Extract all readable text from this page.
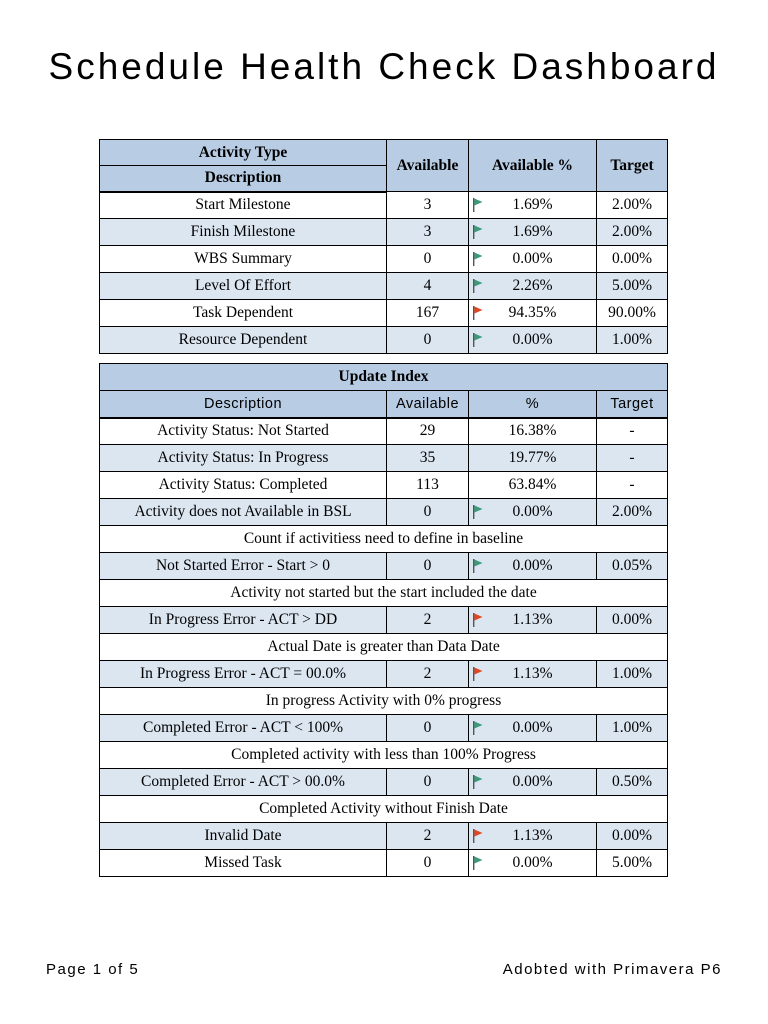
Schedule Health Check Dashboard
Activity Type	Available	Available %	Target
Description			
Start Milestone	3	1.69%	2.00%
Finish Milestone	3	1.69%	2.00%
WBS Summary	0	0.00%	0.00%
Level Of Effort	4	2.26%	5.00%
Task Dependent	167	94.35%	90.00%
Resource Dependent	0	0.00%	1.00%
Update Index			
Description	Available	%	Target
Activity Status: Not Started	29	16.38%	-
Activity Status: In Progress	35	19.77%	-
Activity Status: Completed	113	63.84%	-
Activity does not Available in BSL	0	0.00%	2.00%
Count if activitiess need to define in baseline			
Not Started Error - Start > 0	0	0.00%	0.05%
Activity not started but the start included the date			
In Progress Error - ACT > DD	2	1.13%	0.00%
Actual Date is greater than Data Date			
In Progress Error - ACT = 00.0%	2	1.13%	1.00%
In progress Activity with 0% progress			
Completed Error - ACT < 100%	0	0.00%	1.00%
Completed activity with less than 100% Progress			
Completed Error - ACT > 00.0%	0	0.00%	0.50%
Completed Activity without Finish Date			
Invalid Date	2	1.13%	0.00%
Missed Task	0	0.00%	5.00%
Page 1 of 5	Adobted with Primavera P6
